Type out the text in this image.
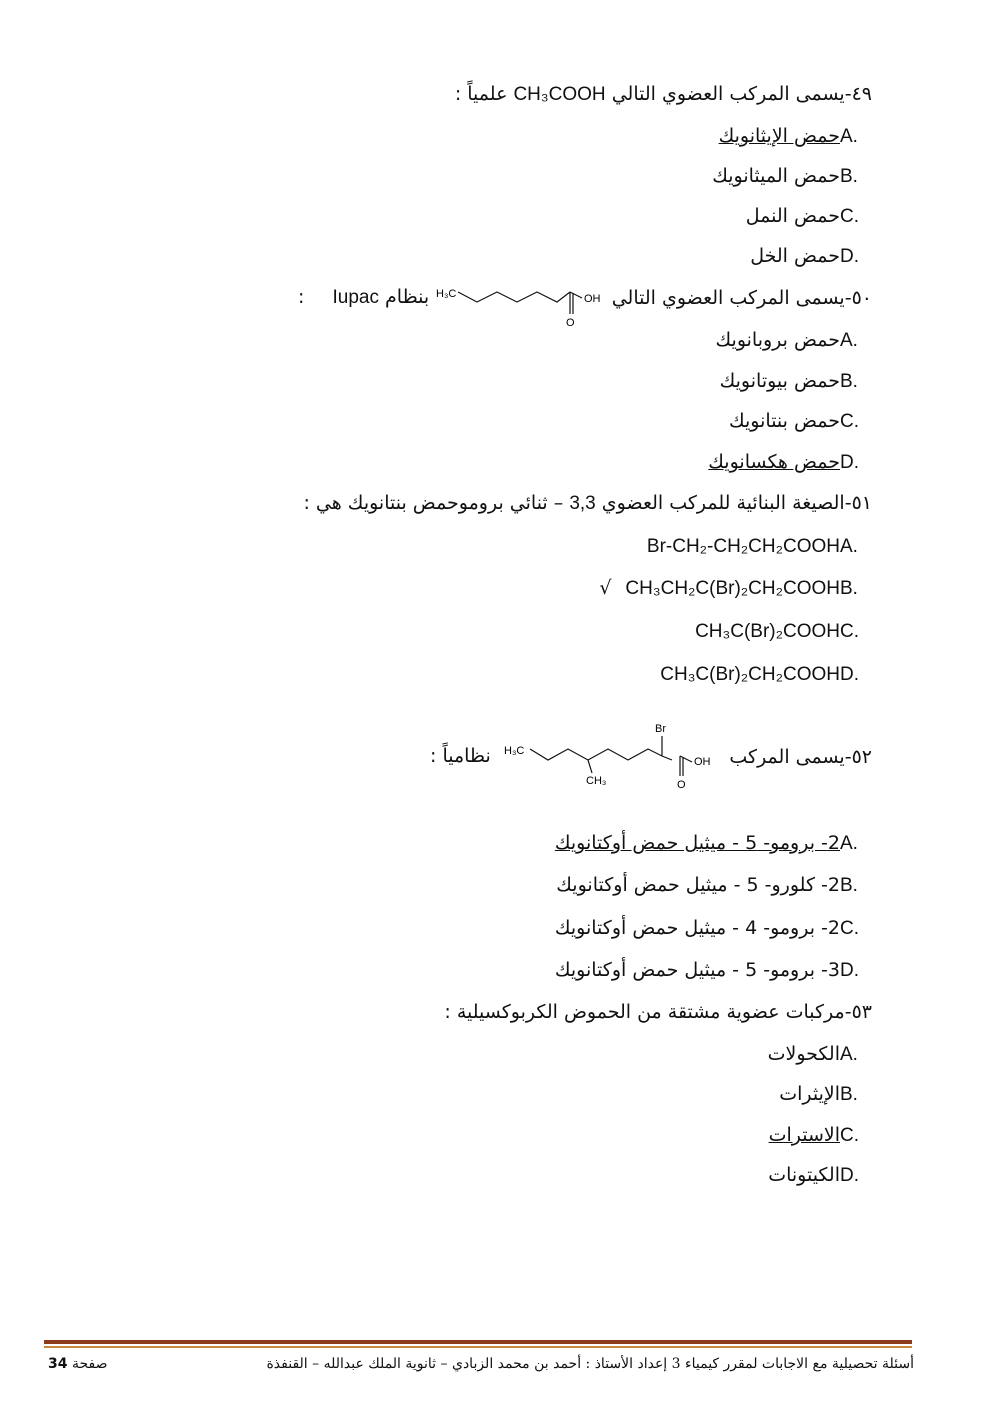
٤٩-يسمى المركب العضوي التالي CH₃COOH علمياً :
A.حمض الإيثانويك
B.حمض الميثانويك
C.حمض النمل
D.حمض الخل
٥٠-يسمى المركب العضوي التالي
H₃C	OH
O
: Iupac بنظام
A.حمض بروبانويك
B.حمض بيوتانويك
C.حمض بنتانويك
D.حمض هكسانويك
٥١-الصيغة البنائية للمركب العضوي 3,3 – ثنائي بروموحمض بنتانويك هي :
A.Br-CH₂-CH₂CH₂COOH
B.CH₃CH₂C(Br)₂CH₂COOH√
C.CH₃C(Br)₂COOH
D.CH₃C(Br)₂CH₂COOH
٥٢-يسمى المركب
H₃C
CH₃
Br
OH
O
نظامياً :
A.2- برومو- 5 - ميثيل حمض أوكتانويك
B.2- كلورو- 5 - ميثيل حمض أوكتانويك
C.2- برومو- 4 - ميثيل حمض أوكتانويك
D.3- برومو- 5 - ميثيل حمض أوكتانويك
٥٣-مركبات عضوية مشتقة من الحموض الكربوكسيلية :
A.الكحولات
B.الإيثرات
C.الاسترات
D.الكيتونات
أسئلة تحصيلية مع الاجابات لمقرر كيمياء 3 إعداد الأستاذ : أحمد بن محمد الزبادي – ثانوية الملك عبدالله – القنفذة
صفحة 34
